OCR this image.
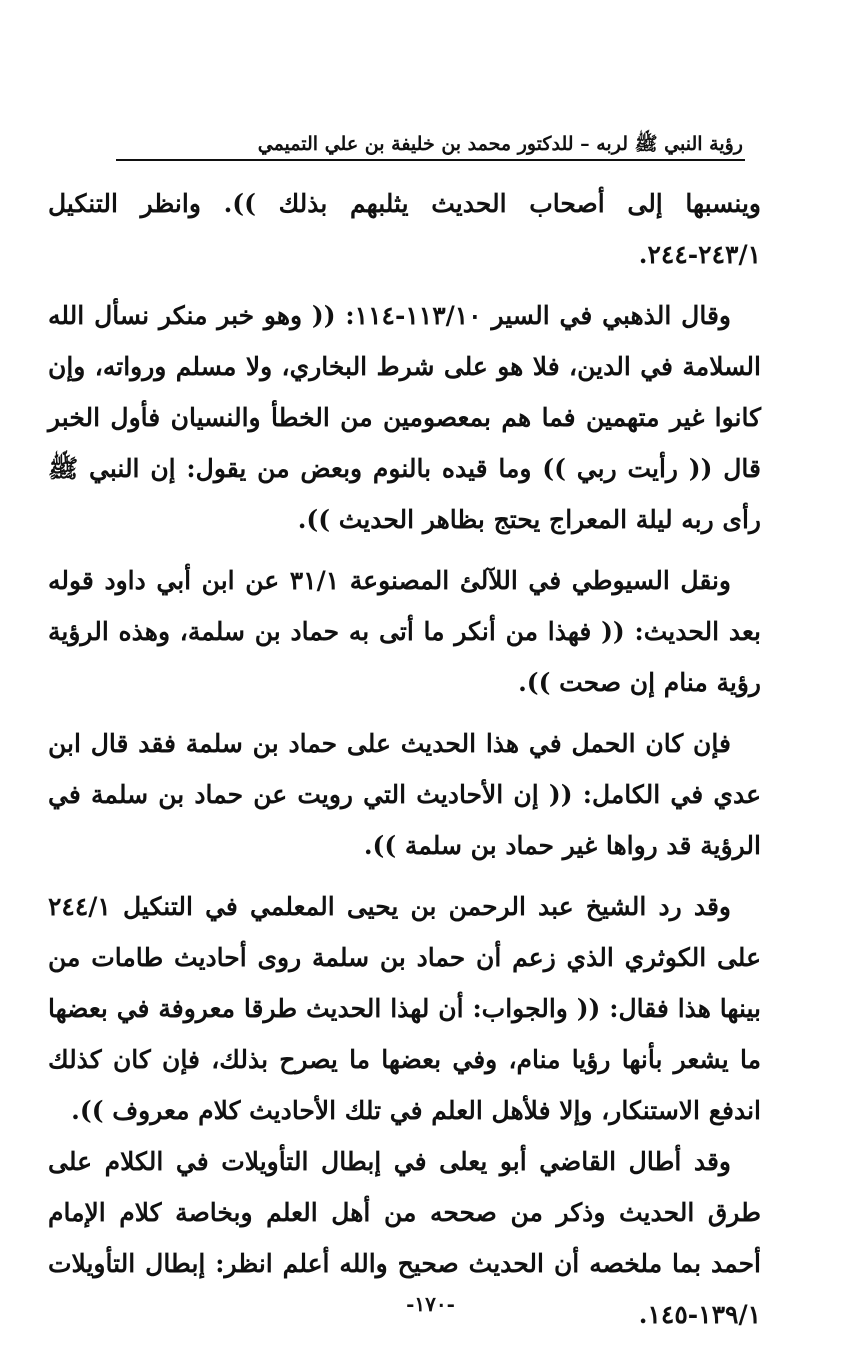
رؤية النبي ﷺ لربه – للدكتور محمد بن خليفة بن علي التميمي

وينسبها إلى أصحاب الحديث يثلبهم بذلك )). وانظر التنكيل ٢٤٣/١-٢٤٤.

وقال الذهبي في السير ١١٣/١٠-١١٤: (( وهو خبر منكر نسأل الله السلامة في الدين، فلا هو على شرط البخاري، ولا مسلم ورواته، وإن كانوا غير متهمين فما هم بمعصومين من الخطأ والنسيان فأول الخبر قال (( رأيت ربي )) وما قيده بالنوم وبعض من يقول: إن النبي ﷺ رأى ربه ليلة المعراج يحتج بظاهر الحديث )).

ونقل السيوطي في اللآلئ المصنوعة ٣١/١ عن ابن أبي داود قوله بعد الحديث: (( فهذا من أنكر ما أتى به حماد بن سلمة، وهذه الرؤية رؤية منام إن صحت )).

فإن كان الحمل في هذا الحديث على حماد بن سلمة فقد قال ابن عدي في الكامل: (( إن الأحاديث التي رويت عن حماد بن سلمة في الرؤية قد رواها غير حماد بن سلمة )).

وقد رد الشيخ عبد الرحمن بن يحيى المعلمي في التنكيل ٢٤٤/١ على الكوثري الذي زعم أن حماد بن سلمة روى أحاديث طامات من بينها هذا فقال: (( والجواب: أن لهذا الحديث طرقا معروفة في بعضها ما يشعر بأنها رؤيا منام، وفي بعضها ما يصرح بذلك، فإن كان كذلك اندفع الاستنكار، وإلا فلأهل العلم في تلك الأحاديث كلام معروف )).

وقد أطال القاضي أبو يعلى في إبطال التأويلات في الكلام على طرق الحديث وذكر من صححه من أهل العلم وبخاصة كلام الإمام أحمد بما ملخصه أن الحديث صحيح والله أعلم انظر: إبطال التأويلات ١٣٩/١-١٤٥.

-١٧٠-
